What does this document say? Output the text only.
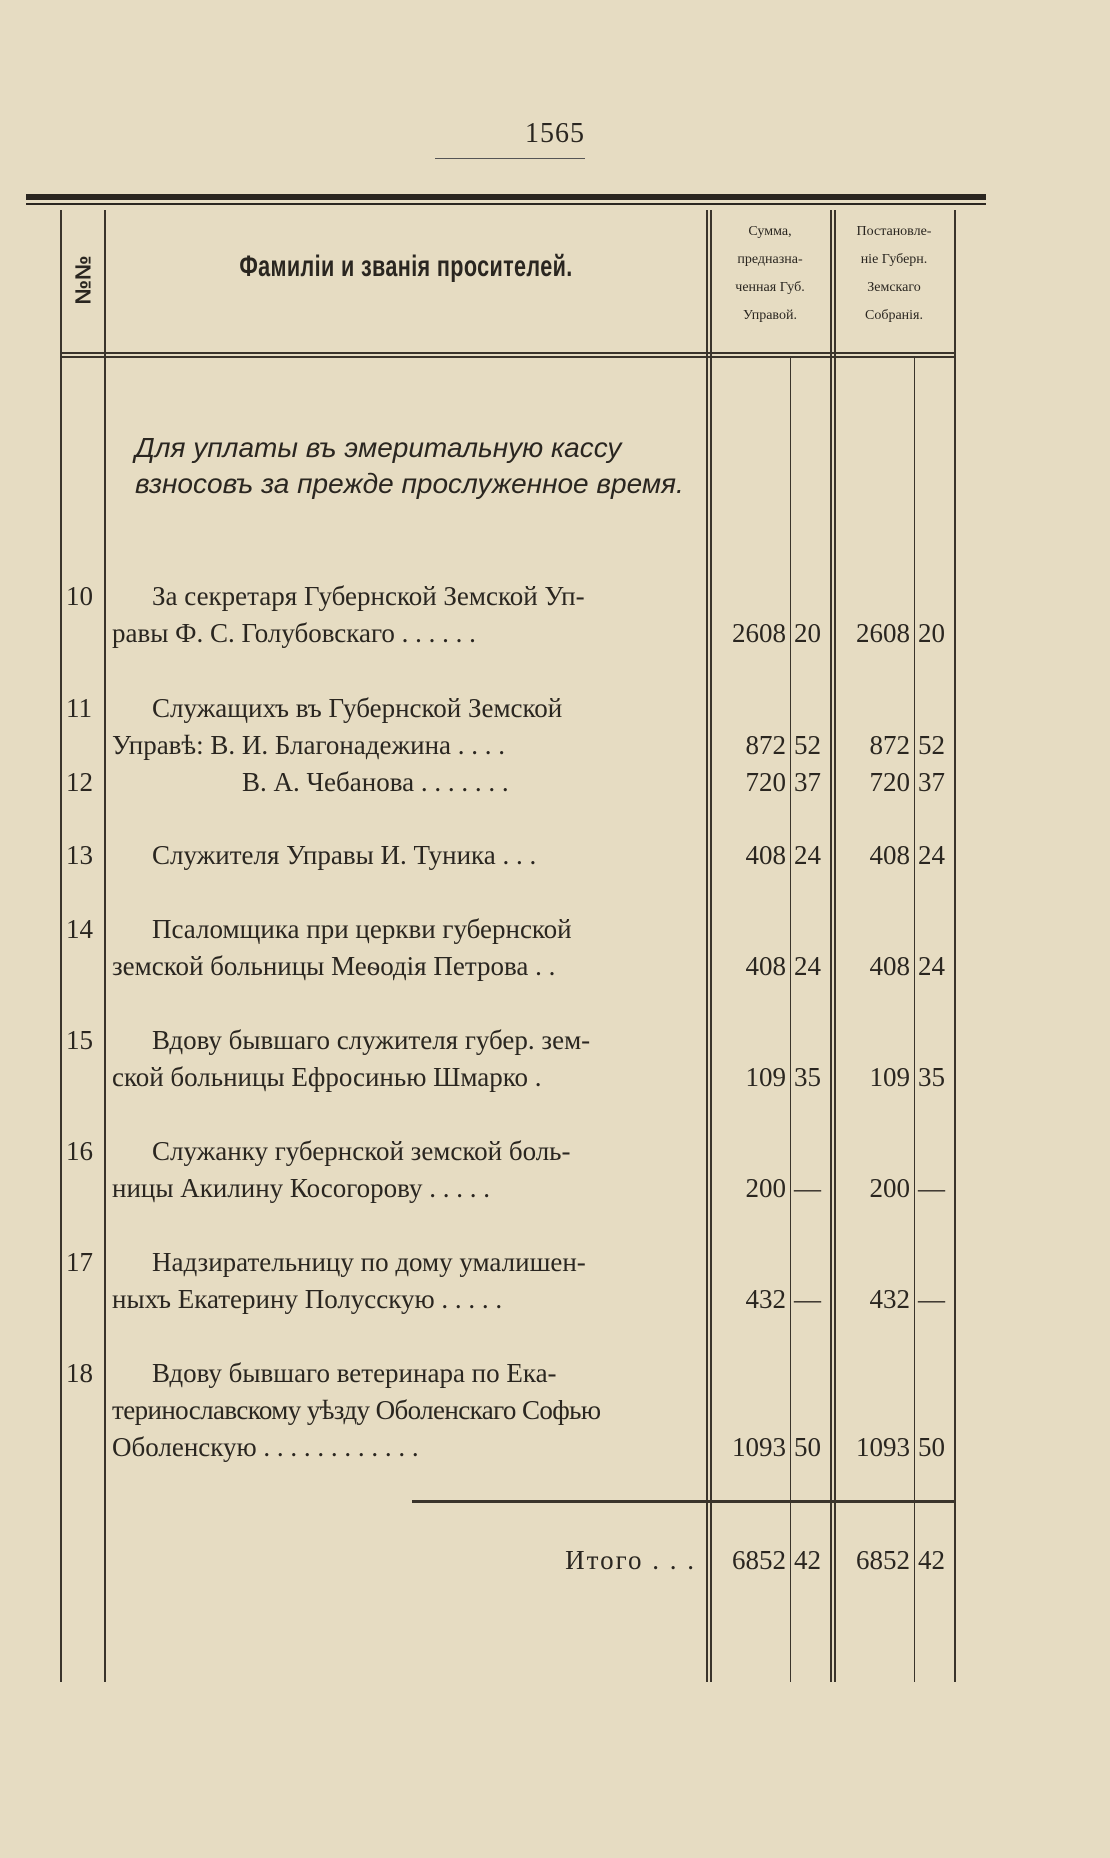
1565
№№	Фамиліи и званія просителей.
Сумма,
предназна-
ченная Губ.
Управой.
Постановле-
ніе Губерн.
Земскаго
Собранія.
Для уплаты въ эмеритальную кассу
взносовъ за прежде прослуженное время.
10	За секретаря Губернской Земской Уп-
равы Ф. С. Голубовскаго . . . . . .	2608 20	2608 20
11	Служащихъ въ Губернской Земской
Управѣ: В. И. Благонадежина . . . .	872 52	872 52
12	В. А. Чебанова . . . . . . .	720 37	720 37
13	Служителя Управы И. Туника . . .	408 24	408 24
14	Псаломщика при церкви губернской
земской больницы Меѳодія Петрова . .	408 24	408 24
15	Вдову бывшаго служителя губер. зем-
ской больницы Ефросинью Шмарко .	109 35	109 35
16	Служанку губернской земской боль-
ницы Акилину Косогорову . . . . .	200 —	200 —
17	Надзирательницу по дому умалишен-
ныхъ Екатерину Полусскую . . . . .	432 —	432 —
18	Вдову бывшаго ветеринара по Ека-
теринославскому уѣзду Оболенскаго Софью
Оболенскую . . . . . . . . . . . .	1093 50	1093 50
Итого . . .	6852 42	6852 42
